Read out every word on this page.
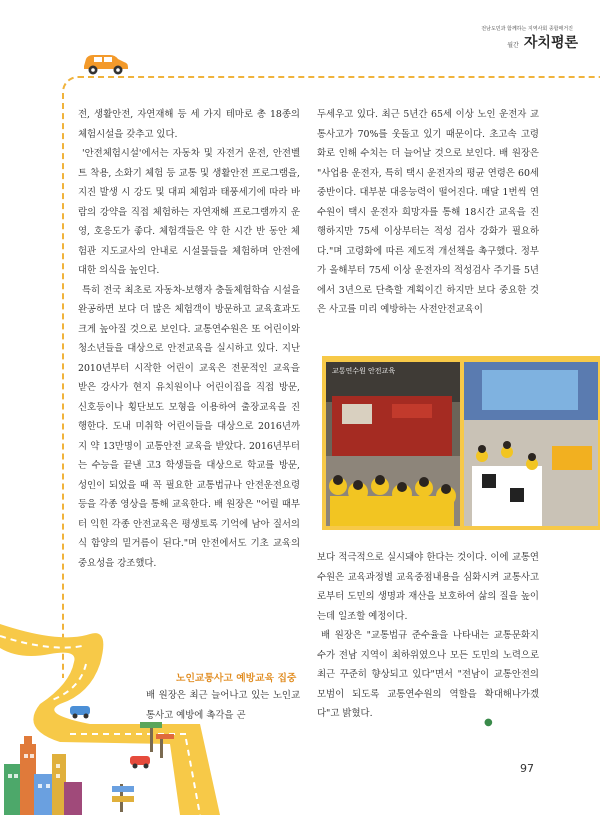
전남도민과 함께하는 지역사회 종합매거진
월간 자치평론

전, 생활안전, 자연재해 등 세 가지 테마로 총 18종의 체험시설을 갖추고 있다.

'안전체험시설'에서는 자동차 및 자전거 운전, 안전벨트 착용, 소화기 체험 등 교통 및 생활안전 프로그램을, 지진 발생 시 강도 및 대피 체험과 태풍세기에 따라 바람의 강약을 직접 체험하는 자연재해 프로그램까지 운영, 호응도가 좋다. 체험객들은 약 한 시간 반 동안 체험관 지도교사의 안내로 시설물들을 체험하며 안전에 대한 의식을 높인다.

특히 전국 최초로 자동차-보행자 충돌체험학습 시설을 완공하면 보다 더 많은 체험객이 방문하고 교육효과도 크게 높아질 것으로 보인다. 교통연수원은 또 어린이와 청소년들을 대상으로 안전교육을 실시하고 있다. 지난 2010년부터 시작한 어린이 교육은 전문적인 교육을 받은 강사가 현지 유치원이나 어린이집을 직접 방문, 신호등이나 횡단보도 모형을 이용하여 출장교육을 진행한다. 도내 미취학 어린이들을 대상으로 2016년까지 약 13만명이 교통안전 교육을 받았다. 2016년부터 는 수능을 끝낸 고3 학생들을 대상으로 학교를 방문, 성인이 되었을 때 꼭 필요한 교통법규나 안전운전요령 등을 각종 영상을 통해 교육한다. 배 원장은 "어릴 때부터 익힌 각종 안전교육은 평생토록 기억에 남아 질서의식 함양의 밑거름이 된다."며 안전에서도 기초 교육의 중요성을 강조했다.

노인교통사고 예방교육 집중
배 원장은 최근 늘어나고 있는 노인교통사고 예방에 촉각을 곤

두세우고 있다. 최근 5년간 65세 이상 노인 운전자 교통사고가 70%를 웃돌고 있기 때문이다. 초고속 고령화로 인해 수치는 더 늘어날 것으로 보인다. 배 원장은 "사업용 운전자, 특히 택시 운전자의 평균 연령은 60세 중반이다. 대부분 대응능력이 떨어진다. 매달 1번씩 연수원이 택시 운전자 희망자를 통해 18시간 교육을 진행하지만 75세 이상부터는 적성 검사 강화가 필요하다."며 고령화에 따른 제도적 개선책을 촉구했다. 정부가 올해부터 75세 이상 운전자의 적성검사 주기를 5년에서 3년으로 단축할 계획이긴 하지만 보다 중요한 것은 사고를 미리 예방하는 사전안전교육이

교통연수원 안전교육

보다 적극적으로 실시돼야 한다는 것이다. 이에 교통연수원은 교육과정별 교육중점내용을 심화시켜 교통사고로부터 도민의 생명과 재산을 보호하여 삶의 질을 높이는데 일조할 예정이다.

배 원장은 "교통법규 준수율을 나타내는 교통문화지수가 전남 지역이 최하위였으나 모든 도민의 노력으로 최근 꾸준히 향상되고 있다"면서 "전남이 교통안전의 모범이 되도록 교통연수원의 역할을 확대해나가겠다"고 밝혔다.

●
97
